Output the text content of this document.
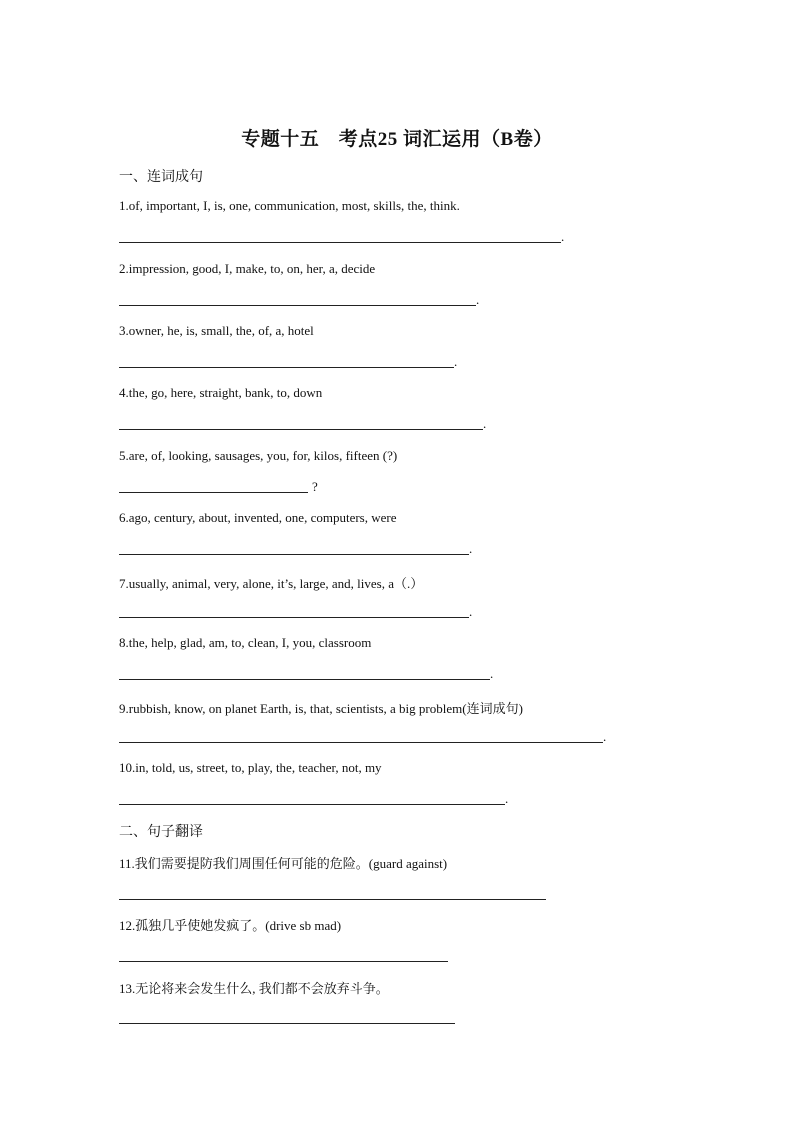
专题十五　考点25 词汇运用（B卷）
一、连词成句
1.of, important, I, is, one, communication, most, skills, the, think.
.
2.impression, good, I, make, to, on, her, a, decide
.
3.owner, he, is, small, the, of, a, hotel
.
4.the, go, here, straight, bank, to, down
.
5.are, of, looking, sausages, you, for, kilos, fifteen (?)
?
6.ago, century, about, invented, one, computers, were
.
7.usually, animal, very, alone, it’s, large, and, lives, a（.）
.
8.the, help, glad, am, to, clean, I, you, classroom
.
9.rubbish, know, on planet Earth, is, that, scientists, a big problem(连词成句)
.
10.in, told, us, street, to, play, the, teacher, not, my
.
二、句子翻译
11.我们需要提防我们周围任何可能的危险。(guard against)
12.孤独几乎使她发疯了。(drive sb mad)
13.无论将来会发生什么, 我们都不会放弃斗争。
